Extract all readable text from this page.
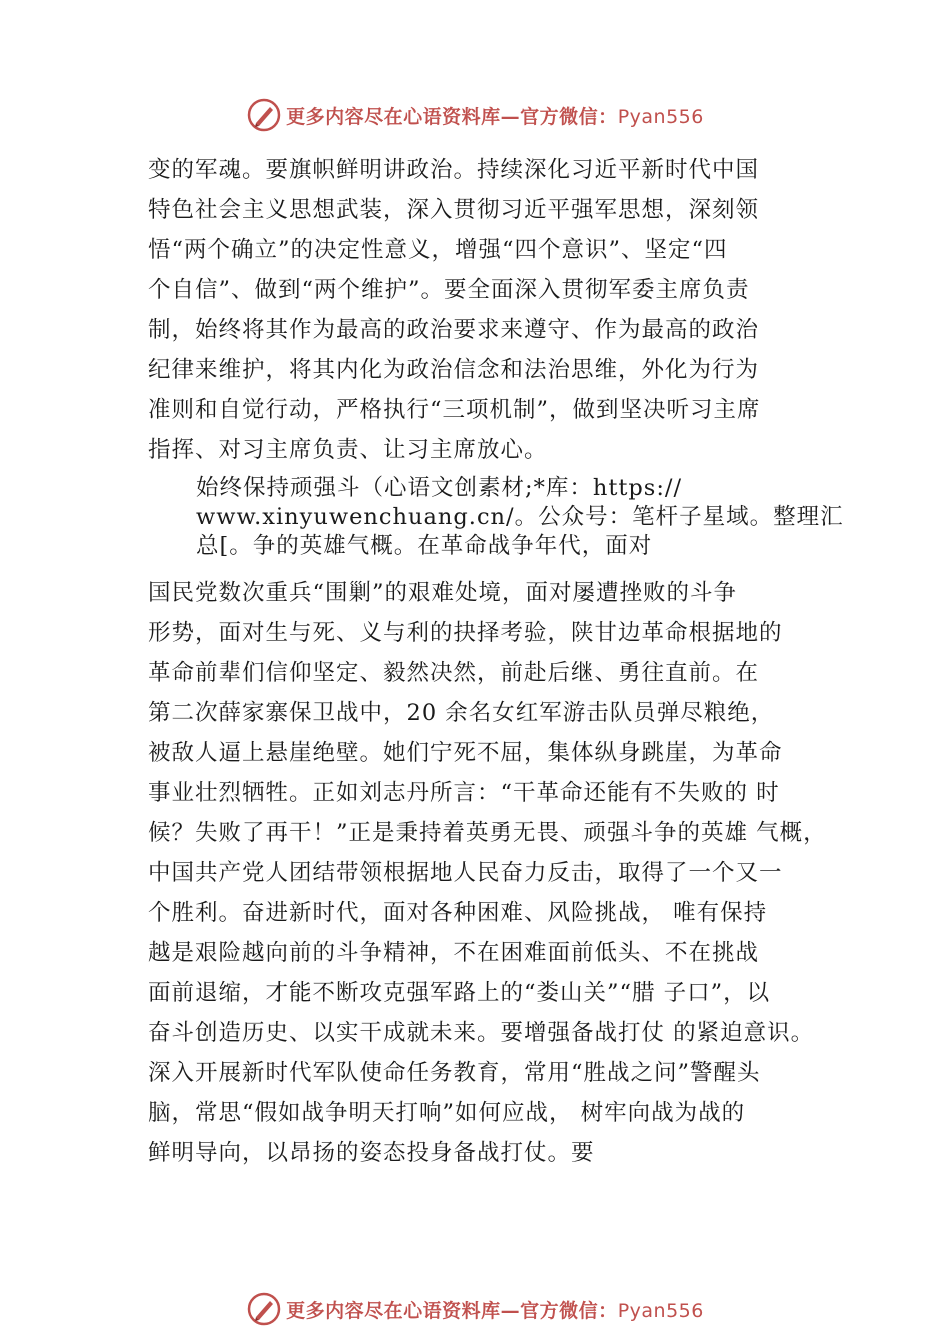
更多内容尽在心语资料库—官方微信：Pyan556
变的军魂。要旗帜鲜明讲政治。持续深化习近平新时代中国
特色社会主义思想武装，深入贯彻习近平强军思想，深刻领
悟“两个确立”的决定性意义，增强“四个意识”、坚定“四
个自信”、做到“两个维护”。要全面深入贯彻军委主席负责
制，始终将其作为最高的政治要求来遵守、作为最高的政治
纪律来维护，将其内化为政治信念和法治思维，外化为行为
准则和自觉行动，严格执行“三项机制”，做到坚决听习主席
指挥、对习主席负责、让习主席放心。
始终保持顽强斗（心语文创素材;*库：https://
www.xinyuwenchuang.cn/。公众号：笔杆子星域。整理汇
总[。争的英雄气概。在革命战争年代，面对
国民党数次重兵“围剿”的艰难处境，面对屡遭挫败的斗争
形势，面对生与死、义与利的抉择考验，陕甘边革命根据地的
革命前辈们信仰坚定、毅然决然，前赴后继、勇往直前。在
第二次薛家寨保卫战中，20 余名女红军游击队员弹尽粮绝，
被敌人逼上悬崖绝壁。她们宁死不屈，集体纵身跳崖，为革命
事业壮烈牺牲。正如刘志丹所言：“干革命还能有不失败的 时
候？失败了再干！”正是秉持着英勇无畏、顽强斗争的英雄 气概，
中国共产党人团结带领根据地人民奋力反击，取得了一个又一
个胜利。奋进新时代，面对各种困难、风险挑战， 唯有保持
越是艰险越向前的斗争精神，不在困难面前低头、不在挑战
面前退缩，才能不断攻克强军路上的“娄山关”“腊 子口”，以
奋斗创造历史、以实干成就未来。要增强备战打仗 的紧迫意识。
深入开展新时代军队使命任务教育，常用“胜战之问”警醒头
脑，常思“假如战争明天打响”如何应战， 树牢向战为战的
鲜明导向，以昂扬的姿态投身备战打仗。要
更多内容尽在心语资料库—官方微信：Pyan556
